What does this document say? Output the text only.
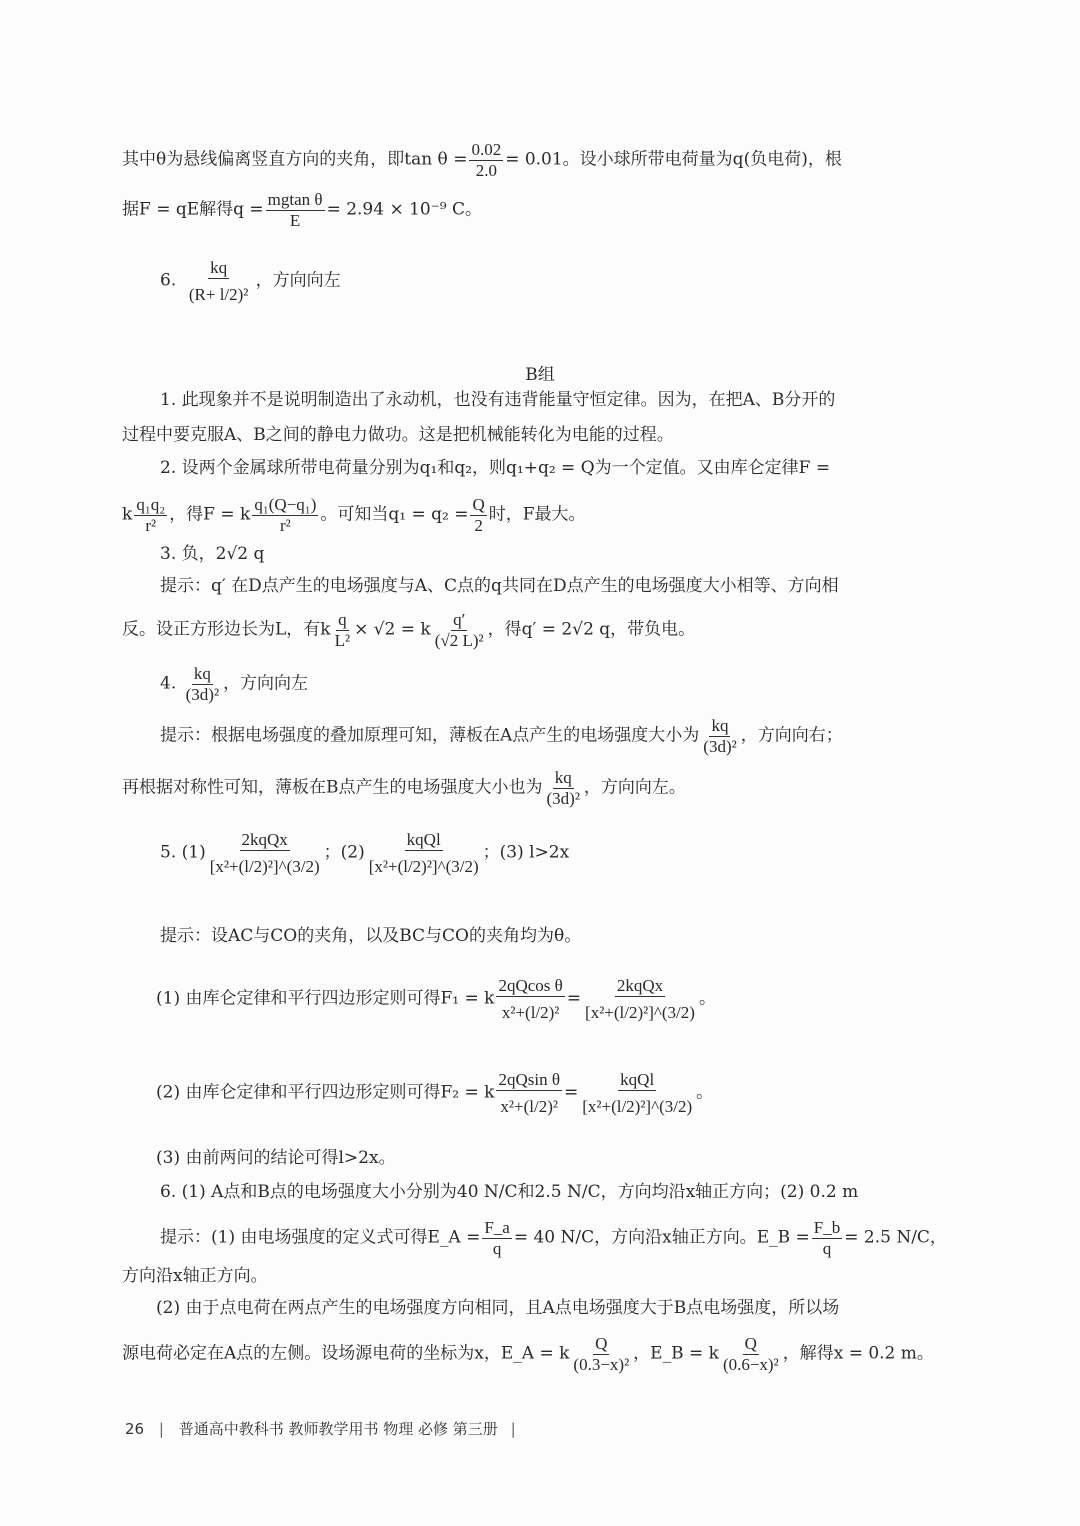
其中θ为悬线偏离竖直方向的夹角，即$\tan \theta = \frac{0.02}{2.0} = 0.01$。设小球所带电荷量为q(负电荷)，根
据F = qE解得$q = \frac{\text{mgtan θ}}{E} = 2.94 \times 10^{-9}$ C。
6. $\frac{kq}{\text{(R+ l/2)²}}$ ，方向向左
B组
1. 此现象并不是说明制造出了永动机，也没有违背能量守恒定律。因为，在把A、B分开的
过程中要克服A、B之间的静电力做功。这是把机械能转化为电能的过程。
2. 设两个金属球所带电荷量分别为q₁和q₂，则q₁+q₂ = Q为一个定值。又由库仑定律F =
k $\frac{\text{q₁q₂}}{\text{r²}}$ ，得F = k $\frac{\text{q₁(Q−q₁)}}{\text{r²}}$ 。可知当$q_1 = q_2 = \frac{Q}{2}$ 时，F最大。
3. 负，2√2 q
提示：q′ 在D点产生的电场强度与A、C点的q共同在D点产生的电场强度大小相等、方向相
反。设正方形边长为L，有k $\frac{q}{\text{L²}} \times √2 = k \frac{q'}{\text{(√2 L)²}}$ ，得q′ = 2√2 q，带负电。
4. $\frac{kq}{\text{(3d)²}}$ ，方向向左
提示：根据电场强度的叠加原理可知，薄板在A点产生的电场强度大小为 $\frac{kq}{\text{(3d)²}}$ ，方向向右；
再根据对称性可知，薄板在B点产生的电场强度大小也为 $\frac{kq}{\text{(3d)²}}$ ，方向向左。
5. (1)
2kqQx
[x²+(l/2)²]^(3/2)
；(2)
kqQl
[x²+(l/2)²]^(3/2)
；(3) l>2x
提示：设AC与CO的夹角，以及BC与CO的夹角均为θ。
(1) 由库仑定律和平行四边形定则可得F₁ = k $\frac{\text{2qQcos θ}}{\text{x²+(l/2)²}}$ =
2kqQx
[x²+(l/2)²]^(3/2)
。
(2) 由库仑定律和平行四边形定则可得F₂ = k $\frac{\text{2qQsin θ}}{\text{x²+(l/2)²}}$ =
kqQl
[x²+(l/2)²]^(3/2)
。
(3) 由前两问的结论可得l>2x。
6. (1) A点和B点的电场强度大小分别为40 N/C和2.5 N/C，方向均沿x轴正方向；(2) 0.2 m
提示：(1) 由电场强度的定义式可得E_A = $\frac{F\_a}{q} = 40$ N/C，方向沿x轴正方向。E_B = $\frac{F\_b}{q} = 2.5$ N/C，
方向沿x轴正方向。
(2) 由于点电荷在两点产生的电场强度方向相同，且A点电场强度大于B点电场强度，所以场
源电荷必定在A点的左侧。设场源电荷的坐标为x，E_A = k $\frac{Q}{\text{(0.3−x)²}}$ ，E_B = k $\frac{Q}{\text{(0.6−x)²}}$ ，解得x = 0.2 m。
26 | 普通高中教科书 教师教学用书 物理 必修 第三册 |
